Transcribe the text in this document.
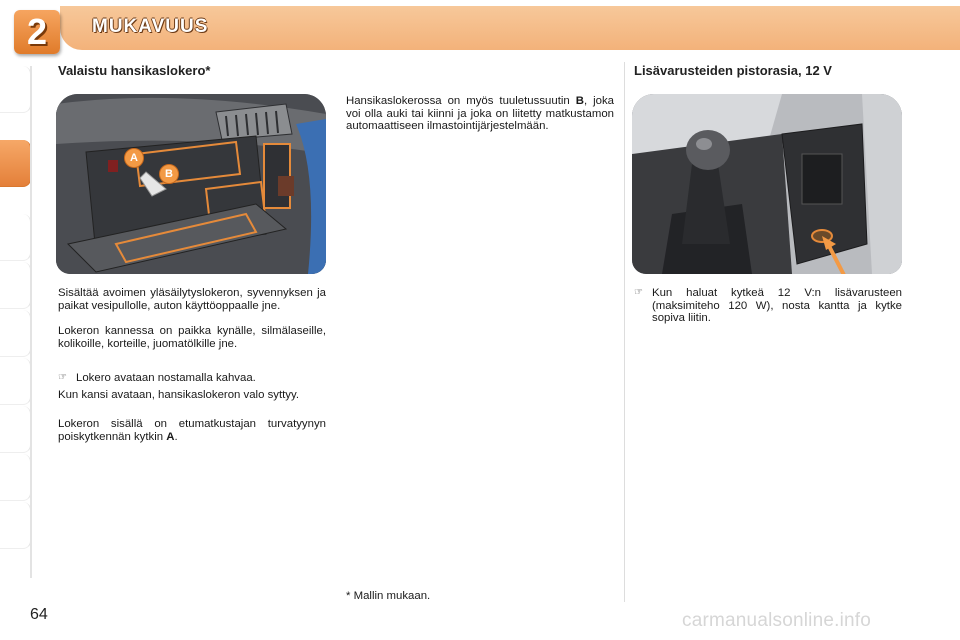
2	MUKAVUUS
Valaistu hansikaslokero*
A
B

Sisältää avoimen yläsäilytyslokeron, syvennyksen ja paikat vesipullolle, auton käyttöoppaalle jne.

Lokeron kannessa on paikka kynälle, silmälaseille, kolikoille, korteille, juomatölkille jne.

☞ Lokero avataan nostamalla kahvaa.

Kun kansi avataan, hansikaslokeron valo syttyy.

Lokeron sisällä on etumatkustajan turvatyynyn poiskytkennän kytkin A.

Hansikaslokerossa on myös tuuletussuutin B, joka voi olla auki tai kiinni ja joka on liitetty matkustamon automaattiseen ilmastointijärjestelmään.

* Mallin mukaan.
Lisävarusteiden pistorasia, 12 V
☞ Kun haluat kytkeä 12 V:n lisävarusteen (maksimiteho 120 W), nosta kantta ja kytke sopiva liitin.
64	carmanualsonline.info
